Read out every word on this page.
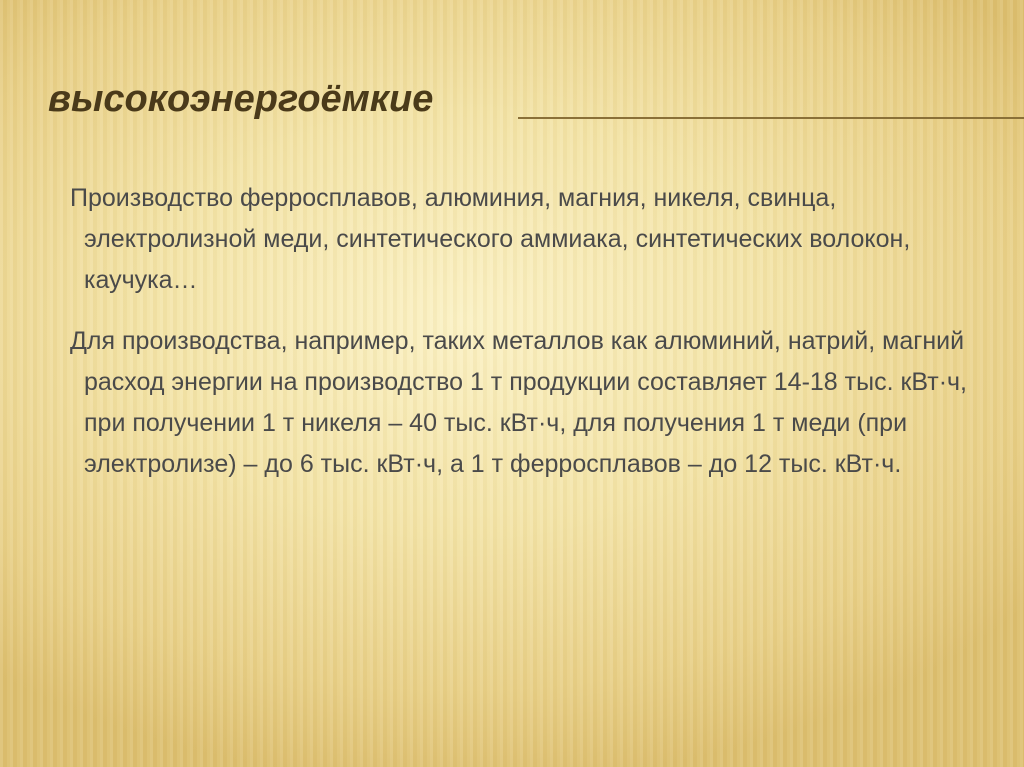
высокоэнергоёмкие

Производство ферросплавов, алюминия, магния, никеля, свинца, электролизной меди, синтетического аммиака, синтетических волокон, каучука…

Для производства, например, таких металлов как алюминий, натрий, магний расход энергии на производство 1 т продукции составляет 14-18 тыс. кВт·ч, при получении 1 т никеля – 40 тыс. кВт·ч, для получения 1 т меди (при электролизе) – до 6 тыс. кВт·ч, а 1 т ферросплавов – до 12 тыс. кВт·ч.
